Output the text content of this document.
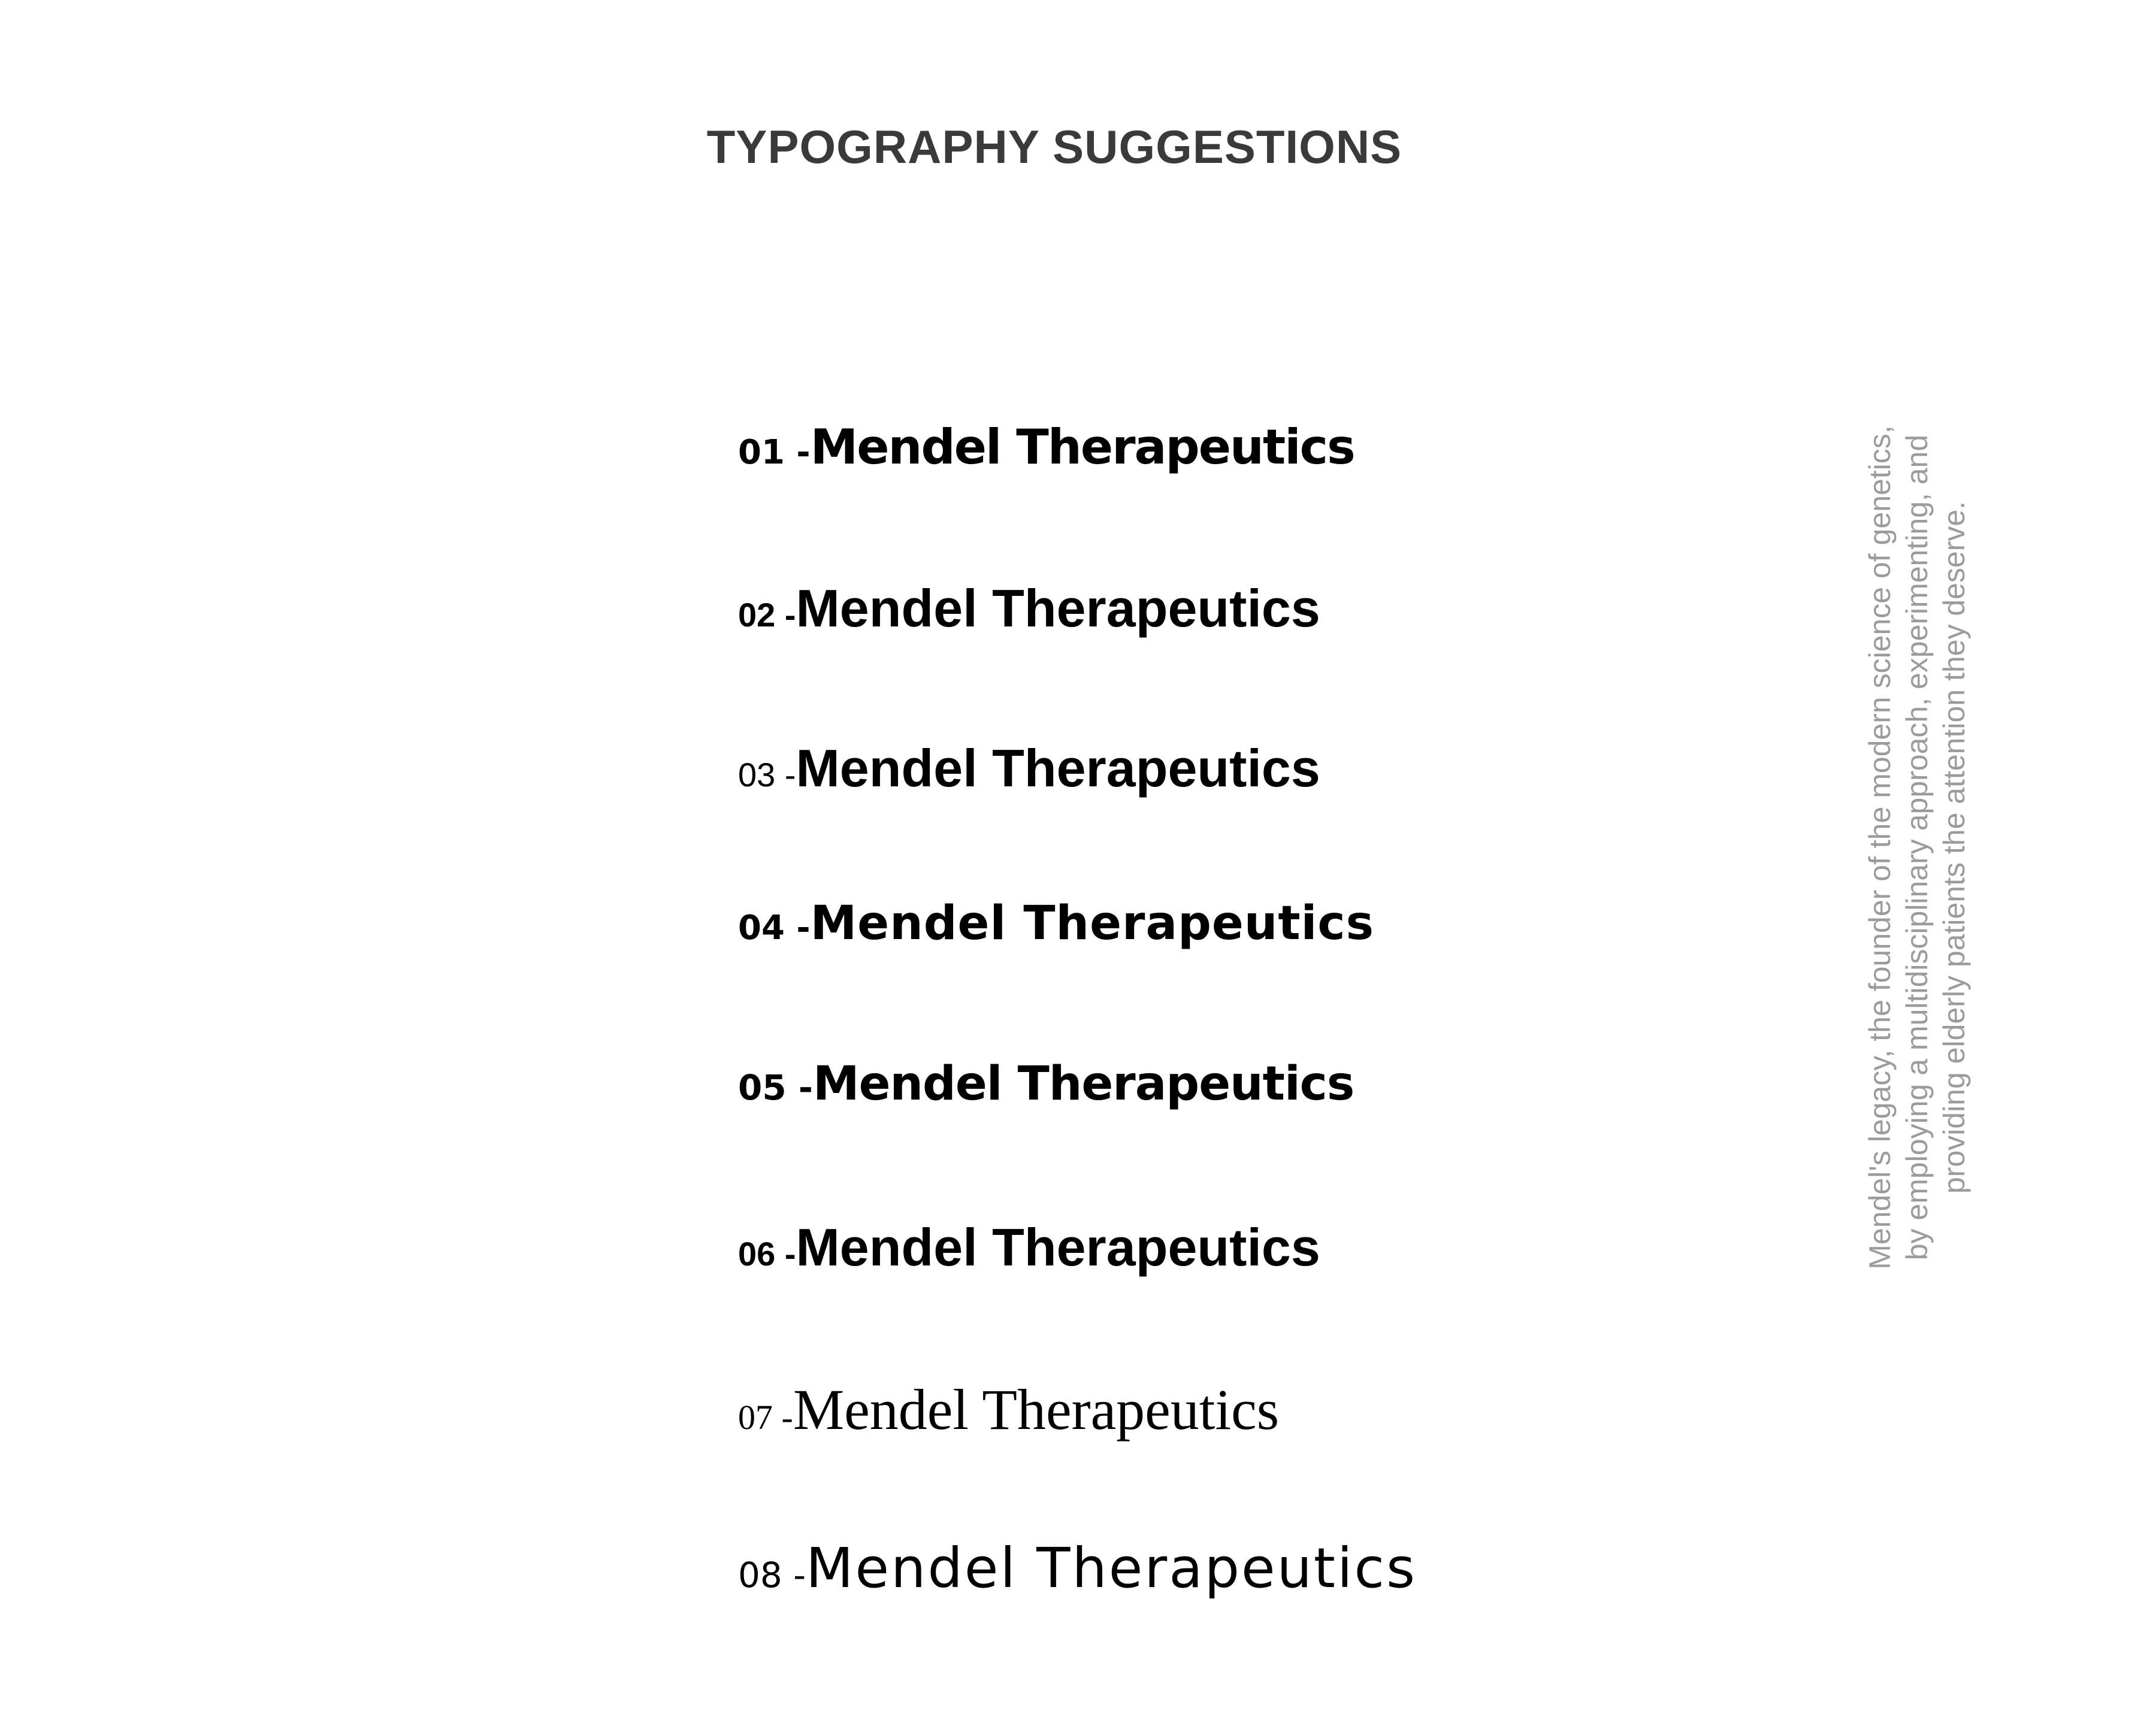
TYPOGRAPHY SUGGESTIONS
01 -Mendel Therapeutics
02 -Mendel Therapeutics
03 -Mendel Therapeutics
04 -Mendel Therapeutics
05 -Mendel Therapeutics
06 -Mendel Therapeutics
07 -Mendel Therapeutics
08 -Mendel Therapeutics
Mendel's legacy, the founder of the modern science of genetics, by employing a multidisciplinary approach, experimenting, and providing elderly patients the attention they deserve.
